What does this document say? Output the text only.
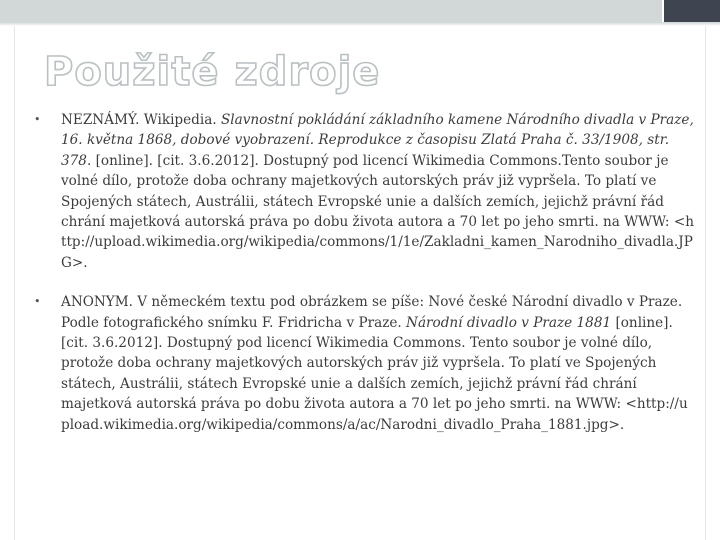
Použité zdroje
• NEZNÁMÝ. Wikipedia. Slavnostní pokládání základního kamene Národního divadla v Praze, 16. května 1868, dobové vyobrazení. Reprodukce z časopisu Zlatá Praha č. 33/1908, str. 378. [online]. [cit. 3.6.2012]. Dostupný pod licencí Wikimedia Commons.Tento soubor je volné dílo, protože doba ochrany majetkových autorských práv již vypršela. To platí ve Spojených státech, Austrálii, státech Evropské unie a dalších zemích, jejichž právní řád chrání majetková autorská práva po dobu života autora a 70 let po jeho smrti. na WWW: <http://upload.wikimedia.org/wikipedia/commons/1/1e/Zakladni_kamen_Narodniho_divadla.JPG>.
• ANONYM. V německém textu pod obrázkem se píše: Nové české Národní divadlo v Praze. Podle fotografického snímku F. Fridricha v Praze. Národní divadlo v Praze 1881 [online]. [cit. 3.6.2012]. Dostupný pod licencí Wikimedia Commons. Tento soubor je volné dílo, protože doba ochrany majetkových autorských práv již vypršela. To platí ve Spojených státech, Austrálii, státech Evropské unie a dalších zemích, jejichž právní řád chrání majetková autorská práva po dobu života autora a 70 let po jeho smrti. na WWW: <http://upload.wikimedia.org/wikipedia/commons/a/ac/Narodni_divadlo_Praha_1881.jpg>.
